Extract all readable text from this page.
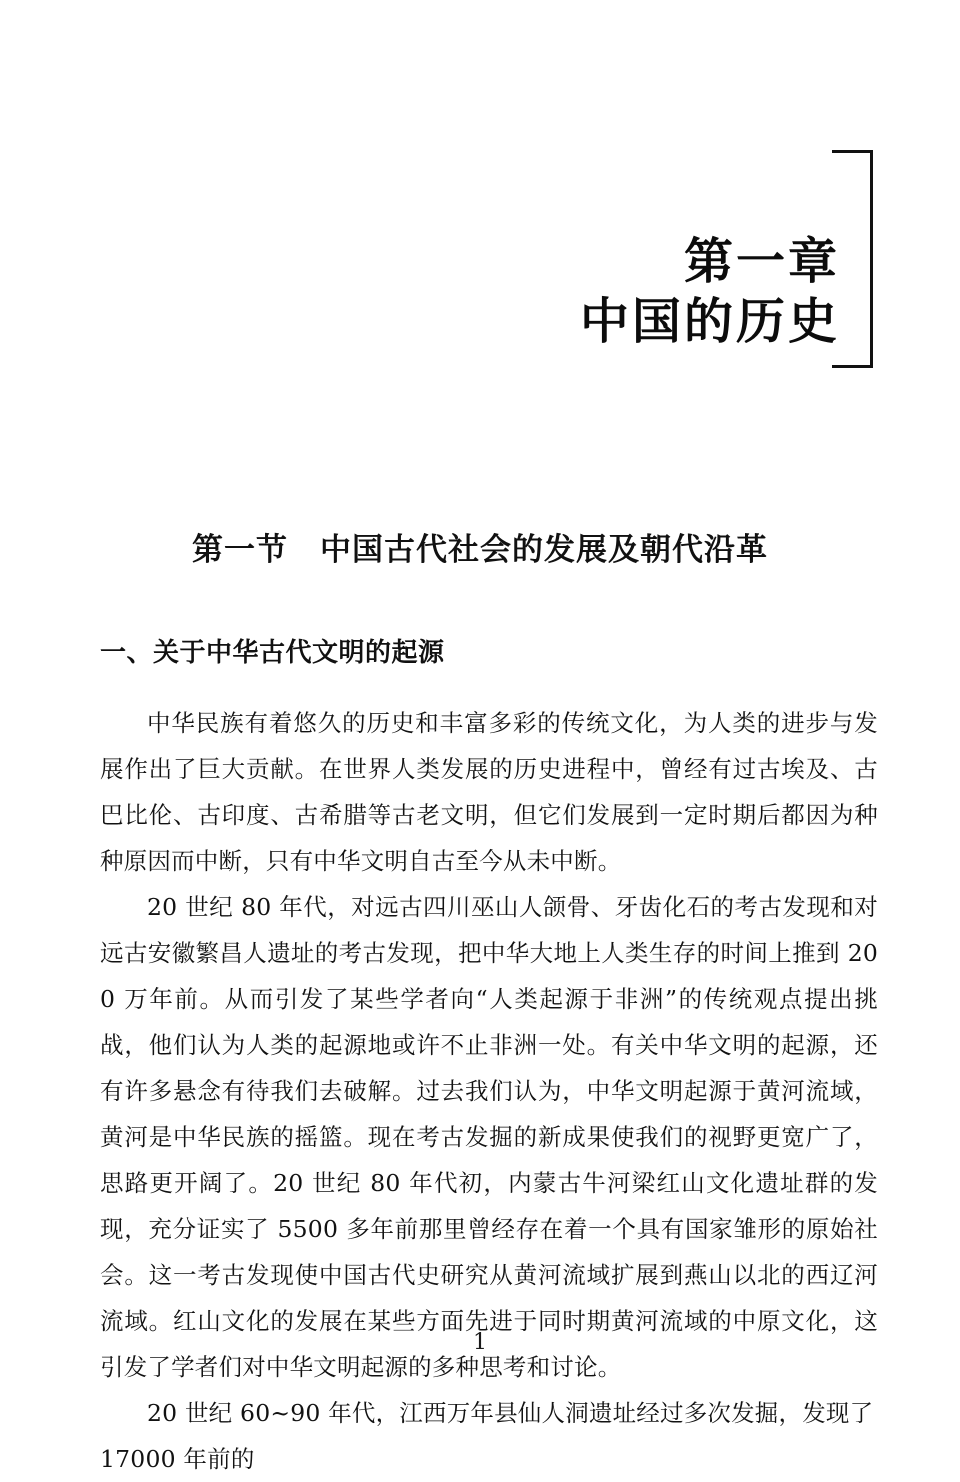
第一章
中国的历史
第一节　中国古代社会的发展及朝代沿革
一、关于中华古代文明的起源

中华民族有着悠久的历史和丰富多彩的传统文化，为人类的进步与发展作出了巨大贡献。在世界人类发展的历史进程中，曾经有过古埃及、古巴比伦、古印度、古希腊等古老文明，但它们发展到一定时期后都因为种种原因而中断，只有中华文明自古至今从未中断。

20 世纪 80 年代，对远古四川巫山人颌骨、牙齿化石的考古发现和对远古安徽繁昌人遗址的考古发现，把中华大地上人类生存的时间上推到 200 万年前。从而引发了某些学者向“人类起源于非洲”的传统观点提出挑战，他们认为人类的起源地或许不止非洲一处。有关中华文明的起源，还有许多悬念有待我们去破解。过去我们认为，中华文明起源于黄河流域，黄河是中华民族的摇篮。现在考古发掘的新成果使我们的视野更宽广了，思路更开阔了。20 世纪 80 年代初，内蒙古牛河梁红山文化遗址群的发现，充分证实了 5500 多年前那里曾经存在着一个具有国家雏形的原始社会。这一考古发现使中国古代史研究从黄河流域扩展到燕山以北的西辽河流域。红山文化的发展在某些方面先进于同时期黄河流域的中原文化，这引发了学者们对中华文明起源的多种思考和讨论。

20 世纪 60~90 年代，江西万年县仙人洞遗址经过多次发掘，发现了 17000 年前的

1
